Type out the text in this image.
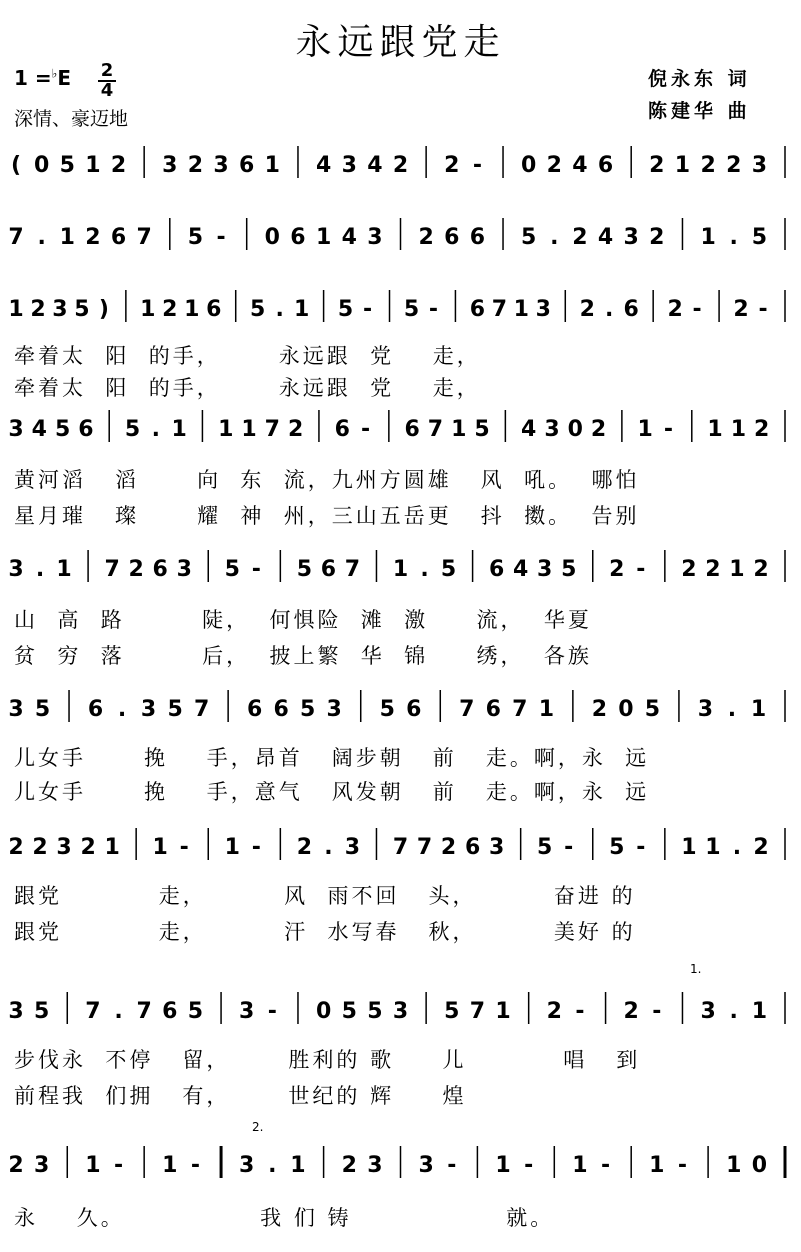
永远跟党走
1 =♭E 2
4
深情、豪迈地
倪永东 词
陈建华 曲
( 0 5 1 2 3 2 3 6 1 4 3 4 2 2 - 0 2 4 6 2 1 2 2 3
7 . 1 2 6 7 5 - 0 6 1 4 3 2 6 6 5 . 2 4 3 2 1 . 5
1 2 3 5 ) 1 2 1 6 5 . 1 5 - 5 - 6 7 1 3 2 . 6 2 - 2 -
牵着太  阳  的手，      永远跟  党    走，
牵着太  阳  的手，      永远跟  党    走，
3 4 5 6 5 . 1 1 1 7 2 6 - 6 7 1 5 4 3 0 2 1 - 1 1 2
黄河滔   滔      向  东  流，九州方圆雄   风  吼。  哪怕
星月璀   璨      耀  神  州，三山五岳更   抖  擞。  告别
3 . 1 7 2 6 3 5 - 5 6 7 1 . 5 6 4 3 5 2 - 2 2 1 2
山  高  路        陡，  何惧险  滩  激     流，  华夏
贫  穷  落        后，  披上繁  华  锦     绣，  各族
3 5 6 . 3 5 7 6 6 5 3 5 6 7 6 7 1 2 0 5 3 . 1
儿女手      挽    手，昂首   阔步朝   前   走。啊，永  远
儿女手      挽    手，意气   风发朝   前   走。啊，永  远
2 2 3 2 1 1 - 1 - 2 . 3 7 7 2 6 3 5 - 5 - 1 1 . 2
跟党          走，        风  雨不回   头，        奋进 的
跟党          走，        汗  水写春   秋，        美好 的
3 5 7 . 7 6 5 3 - 0 5 5 3 5 7 1 2 - 2 - 3 . 1
步伐永  不停   留，      胜利的 歌     儿          唱   到
前程我  们拥   有，      世纪的 辉     煌
2 3 1 - 1 - 3 . 1 2 3 3 - 1 - 1 - 1 - 1 0
永    久。              我 们 铸                就。
1.
2.
